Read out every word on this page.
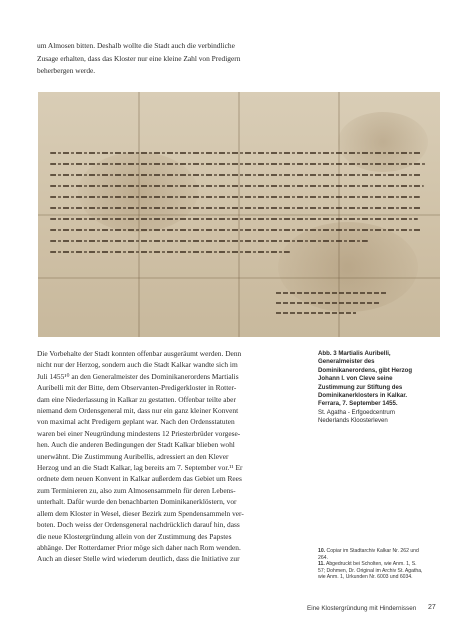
um Almosen bitten. Deshalb wollte die Stadt auch die verbindliche
Zusage erhalten, dass das Kloster nur eine kleine Zahl von Predigern
beherbergen werde.
Die Vorbehalte der Stadt konnten offenbar ausgeräumt werden. Denn
nicht nur der Herzog, sondern auch die Stadt Kalkar wandte sich im
Juli 1455¹⁰ an den Generalmeister des Dominikanerordens Martialis
Auribelli mit der Bitte, dem Observanten-Predigerkloster in Rotter-
dam eine Niederlassung in Kalkar zu gestatten. Offenbar teilte aber
niemand dem Ordensgeneral mit, dass nur ein ganz kleiner Konvent
von maximal acht Predigern geplant war. Nach den Ordensstatuten
waren bei einer Neugründung mindestens 12 Priesterbrüder vorgese-
hen. Auch die anderen Bedingungen der Stadt Kalkar blieben wohl
unerwähnt. Die Zustimmung Auribellis, adressiert an den Klever
Herzog und an die Stadt Kalkar, lag bereits am 7. September vor.¹¹ Er
ordnete dem neuen Konvent in Kalkar außerdem das Gebiet um Rees
zum Terminieren zu, also zum Almosensammeln für deren Lebens-
unterhalt. Dafür wurde den benachbarten Dominikanerklöstern, vor
allem dem Kloster in Wesel, dieser Bezirk zum Spendensammeln ver-
boten. Doch weiss der Ordensgeneral nachdrücklich darauf hin, dass
die neue Klostergründung allein von der Zustimmung des Papstes
abhänge. Der Rotterdamer Prior möge sich daher nach Rom wenden.
Auch an dieser Stelle wird wiederum deutlich, dass die Initiative zur
Abb. 3 Martialis Auribelli,
Generalmeister des
Dominikanerordens, gibt Herzog
Johann I. von Cleve seine
Zustimmung zur Stiftung des
Dominikanerklosters in Kalkar.
Ferrara, 7. September 1455.
St. Agatha - Erfgoedcentrum
Nederlands Kloosterleven
10. Copiar im Stadtarchiv Kalkar Nr. 262 und
264.
11. Abgedruckt bei Scholten, wie Anm. 1, S.
57; Dohmen, Dr. Original im Archiv St. Agatha,
wie Anm. 1, Urkunden Nr. 6003 und 6034.
Eine Klostergründung mit Hindernissen 27
